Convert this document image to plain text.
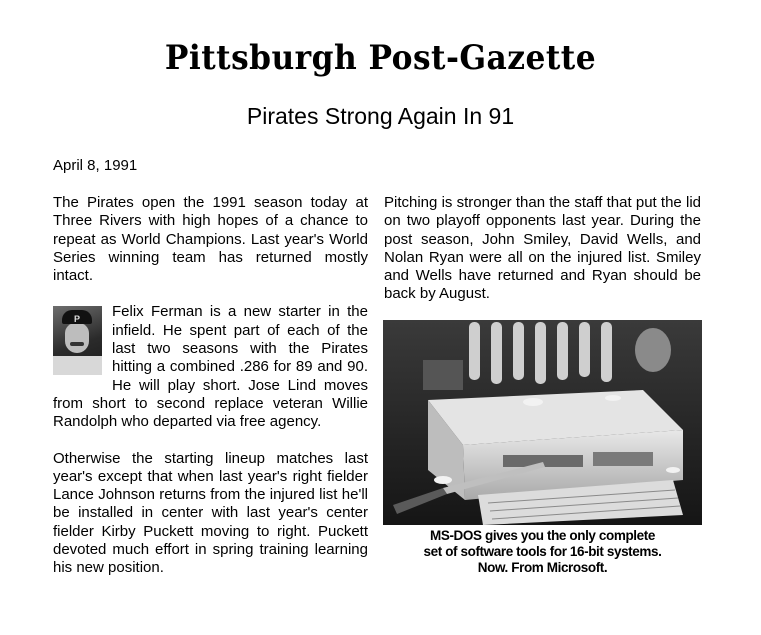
Pittsburgh Post-Gazette
Pirates Strong Again In 91
April 8, 1991

The Pirates open the 1991 season today at Three Rivers with high hopes of a chance to repeat as World Champions. Last year's World Series winning team has returned mostly intact.

P	Felix Ferman is a new starter in the infield. He spent part of each of the last two seasons with the Pirates hitting a combined .286 for 89 and 90. He will play short. Jose Lind moves from short to second replace veteran Willie Randolph who departed via free agency.

Otherwise the starting lineup matches last year's except that when last year's right fielder Lance Johnson returns from the injured list he'll be installed in center with last year's center fielder Kirby Puckett moving to right. Puckett devoted much effort in spring training learning his new position.

Pitching is stronger than the staff that put the lid on two playoff opponents last year. During the post season, John Smiley, David Wells, and Nolan Ryan were all on the injured list. Smiley and Wells have returned and Ryan should be back by August.

MS-DOS gives you the only complete
set of software tools for 16-bit systems.
Now. From Microsoft.
